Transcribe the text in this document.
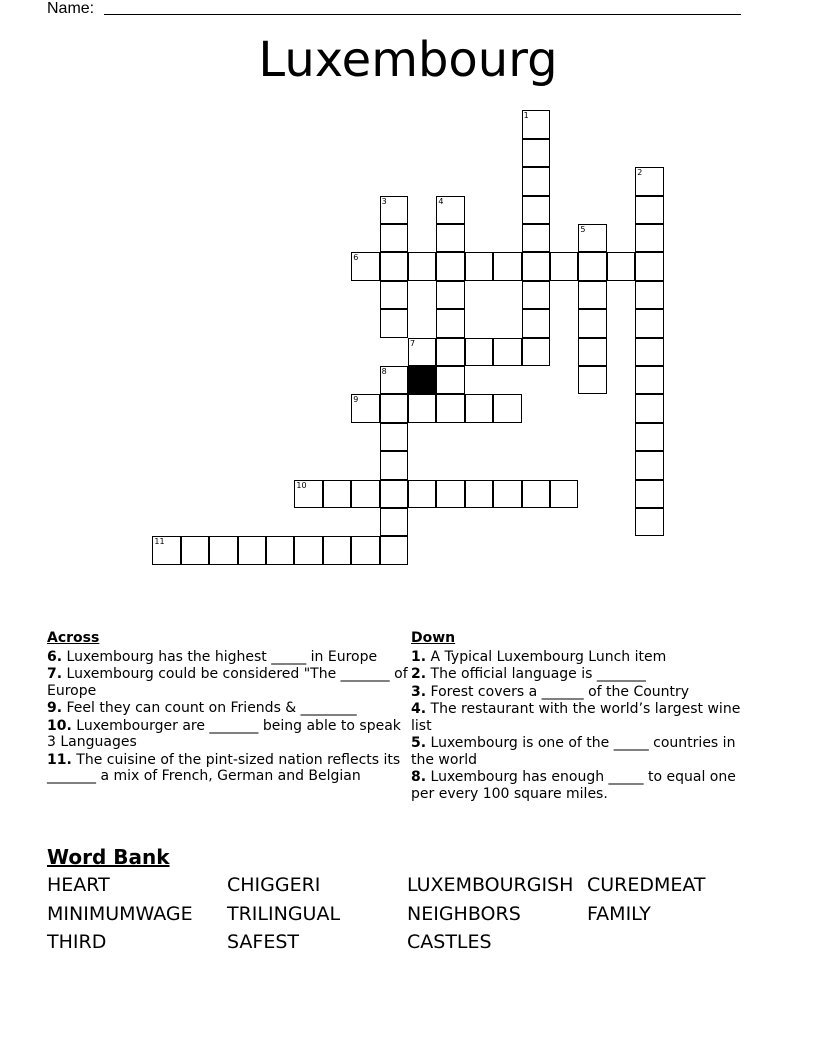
Name:
Luxembourg
1
2
3	4
5
6
7
8
9
10
11
Across
6. Luxembourg has the highest _____ in Europe
7. Luxembourg could be considered "The _______ of Europe
9. Feel they can count on Friends & ________
10. Luxembourger are _______ being able to speak 3 Languages
11. The cuisine of the pint-sized nation reflects its _______ a mix of French, German and Belgian
Down
1. A Typical Luxembourg Lunch item
2. The official language is _______
3. Forest covers a ______ of the Country
4. The restaurant with the world’s largest wine list
5. Luxembourg is one of the _____ countries in the world
8. Luxembourg has enough _____ to equal one per every 100 square miles.
Word Bank
HEART	CHIGGERI	LUXEMBOURGISH CUREDMEAT
MINIMUMWAGE TRILINGUAL	NEIGHBORS	FAMILY
THIRD	SAFEST	CASTLES
